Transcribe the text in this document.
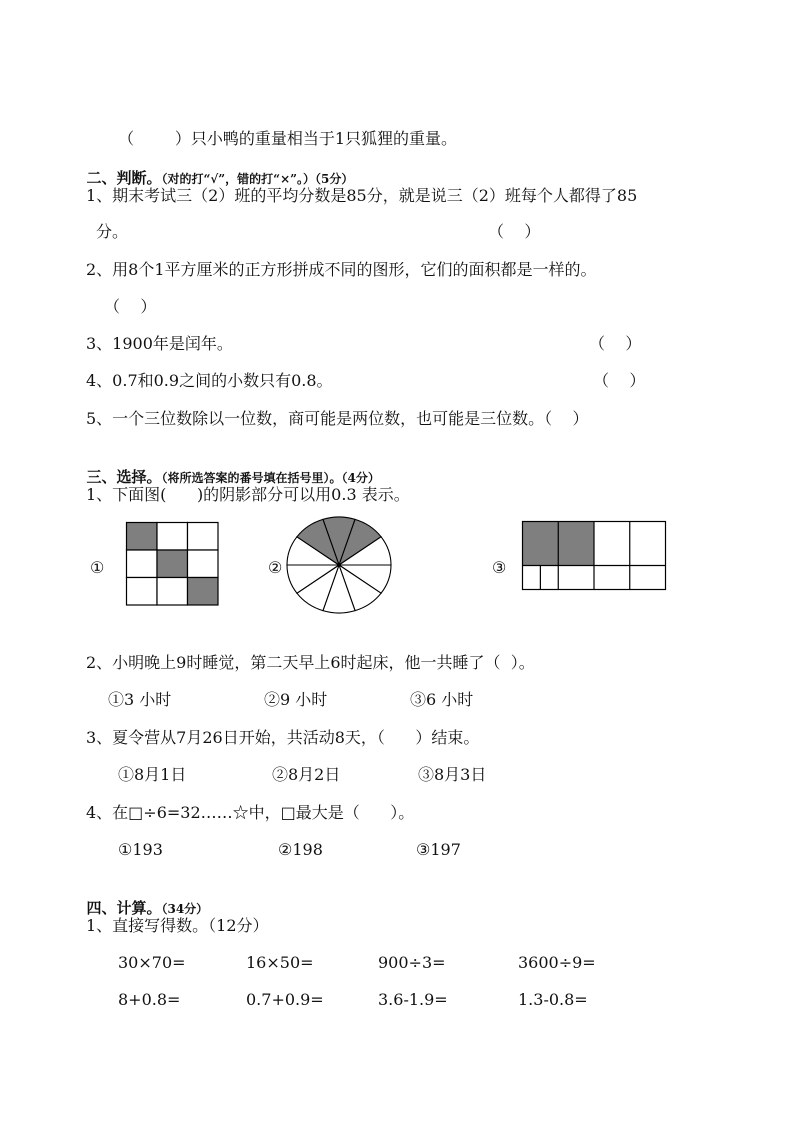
（        ）只小鸭的重量相当于1只狐狸的重量。

二、判断。（对的打“√”，错的打“×”。）（5分）

1、期末考试三（2）班的平均分数是85分，就是说三（2）班每个人都得了85
分。	（    ）
2、用8个1平方厘米的正方形拼成不同的图形，它们的面积都是一样的。
（    ）
3、1900年是闰年。	（    ）
4、0.7和0.9之间的小数只有0.8。	（    ）
5、一个三位数除以一位数，商可能是两位数，也可能是三位数。（    ）

三、选择。（将所选答案的番号填在括号里）。（4分）

1、下面图(      )的阴影部分可以用0.3 表示。
①	②	③
2、小明晚上9时睡觉，第二天早上6时起床，他一共睡了（  ）。
①3 小时	②9 小时	③6 小时
3、夏令营从7月26日开始，共活动8天，（      ）结束。
①8月1日	②8月2日	③8月3日
4、在□÷6=32……☆中，□最大是（      ）。
①193	②198	③197

四、计算。（34分）

1、直接写得数。（12分）
30×70=	16×50=	900÷3=	3600÷9=
8+0.8=	0.7+0.9=	3.6-1.9=	1.3-0.8=
